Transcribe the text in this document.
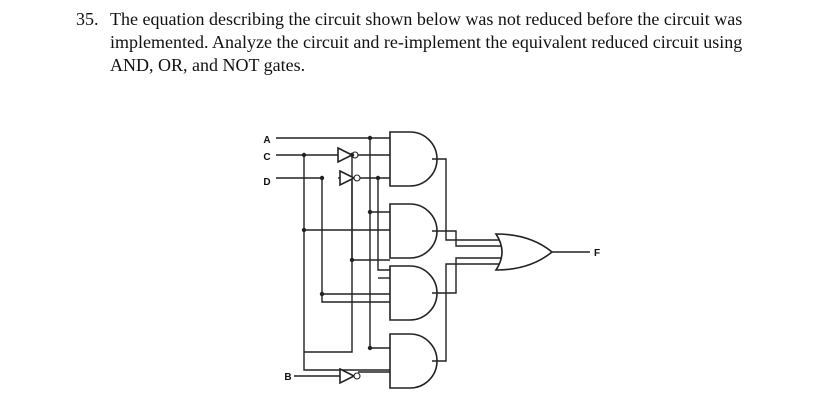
35. The equation describing the circuit shown below was not reduced before the circuit was
implemented. Analyze the circuit and re-implement the equivalent reduced circuit using
AND, OR, and NOT gates.
A
C
D
B
F
